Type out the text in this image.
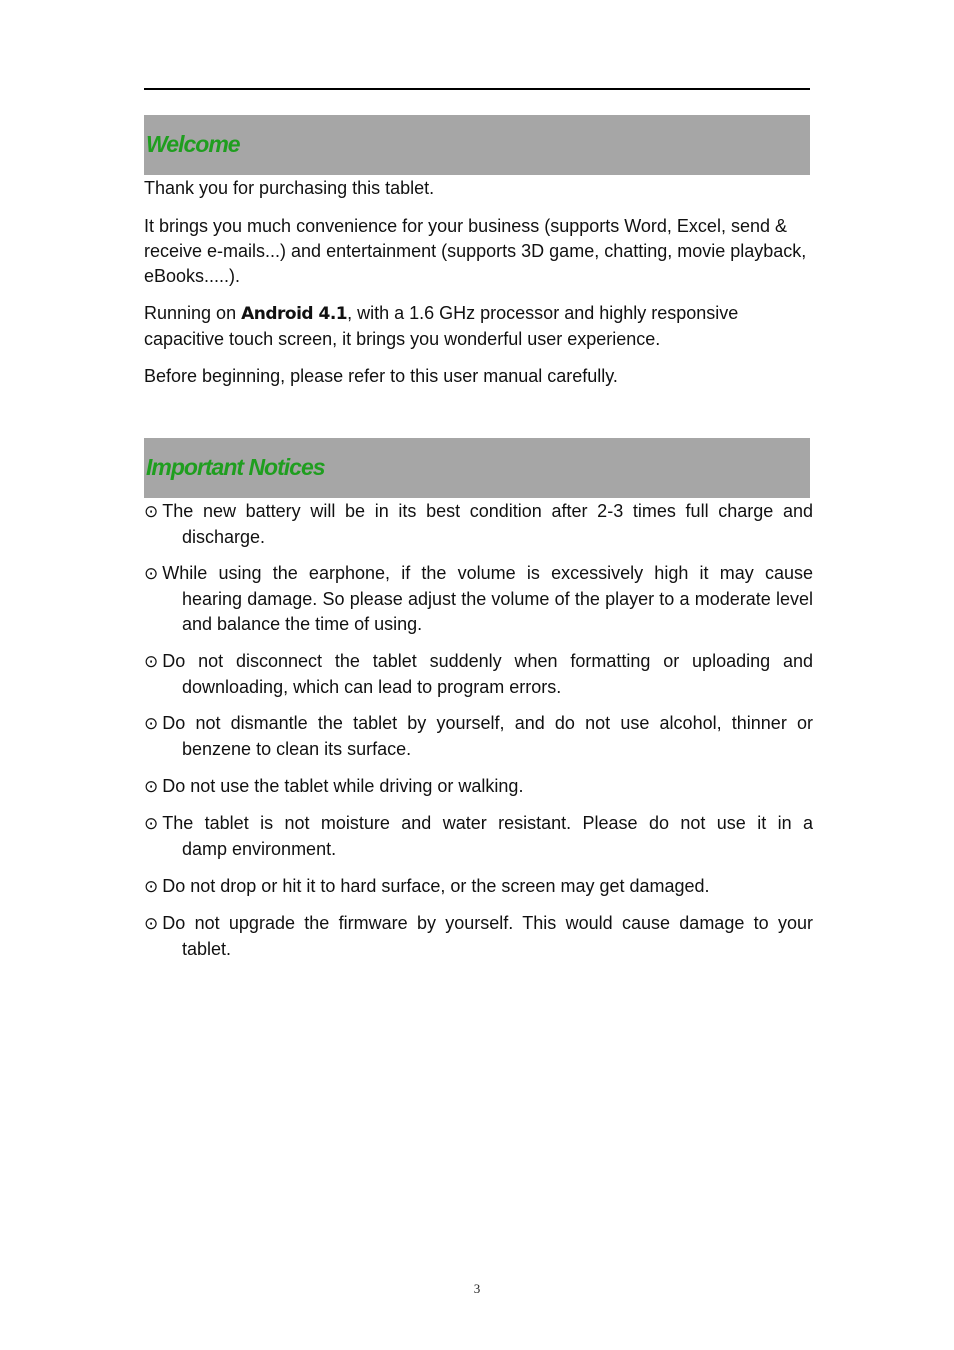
Welcome

Thank you for purchasing this tablet.

It brings you much convenience for your business (supports Word, Excel, send & receive e-mails...) and entertainment (supports 3D game, chatting, movie playback, eBooks.....).

Running on Android 4.1, with a 1.6 GHz processor and highly responsive capacitive touch screen, it brings you wonderful user experience.

Before beginning, please refer to this user manual carefully.

Important Notices
⊙ The new battery will be in its best condition after 2-3 times full charge and
discharge.
⊙ While using the earphone, if the volume is excessively high it may cause
hearing damage. So please adjust the volume of the player to a moderate level and balance the time of using.
⊙ Do not disconnect the tablet suddenly when formatting or uploading and
downloading, which can lead to program errors.
⊙ Do not dismantle the tablet by yourself, and do not use alcohol, thinner or
benzene to clean its surface.
⊙ Do not use the tablet while driving or walking.
⊙ The tablet is not moisture and water resistant. Please do not use it in a
damp environment.
⊙ Do not drop or hit it to hard surface, or the screen may get damaged.
⊙ Do not upgrade the firmware by yourself. This would cause damage to your
tablet.
3
